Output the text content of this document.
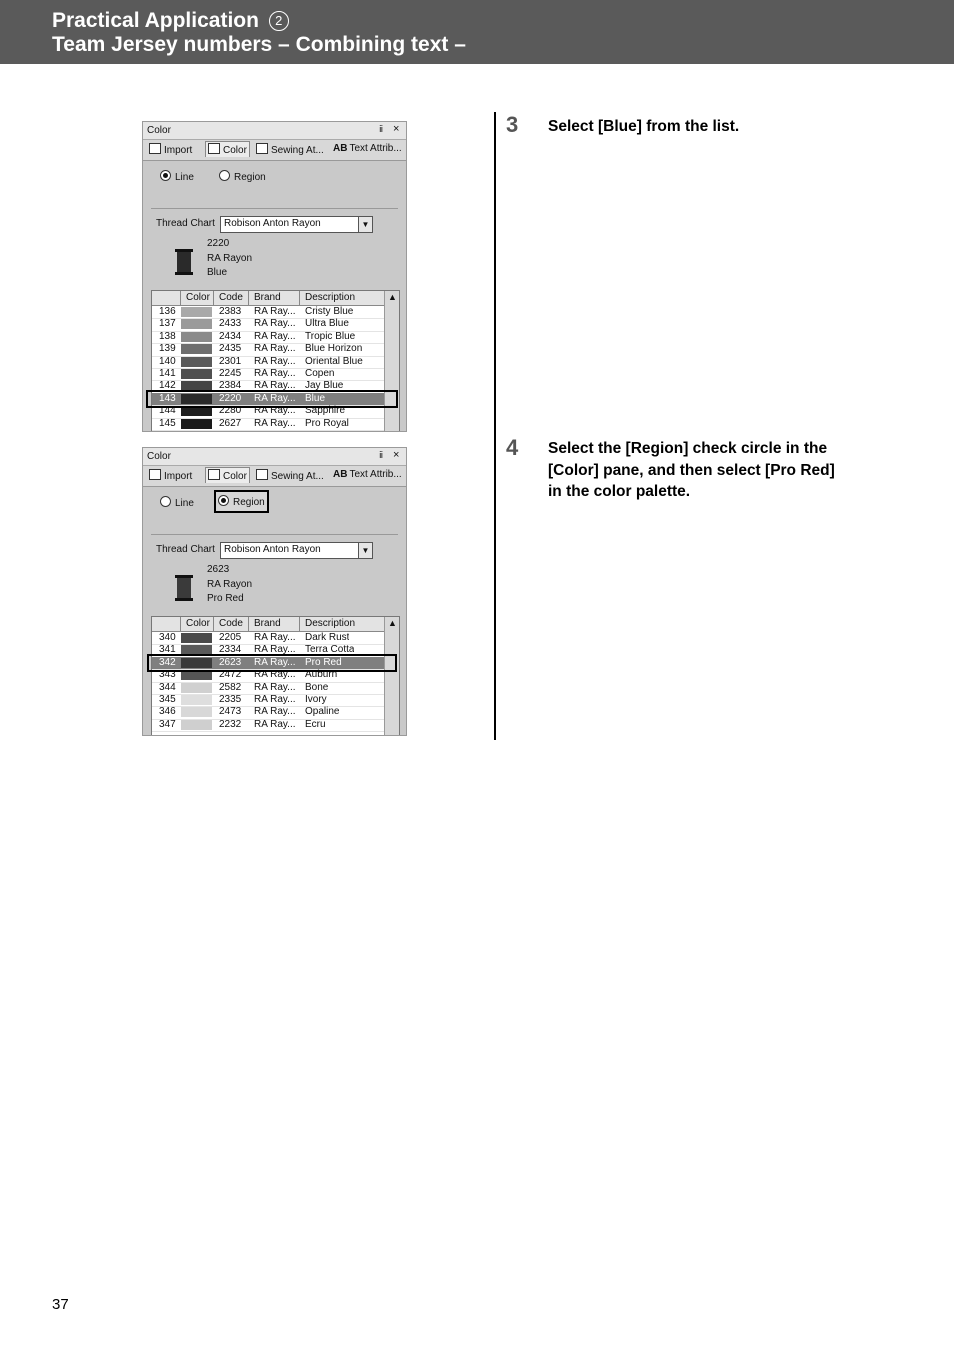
Practical Application 2
Team Jersey numbers – Combining text –
3 Select [Blue] from the list.
4 Select the [Region] check circle in the [Color] pane, and then select [Pro Red] in the color palette.
Color	ⅱ ×
Import	Color	Sewing At... AB Text Attrib...
Line	Region
Thread Chart Robison Anton Rayon	▼
2220
RA Rayon
Blue
Color Code Brand Description
136	2383 RA Ray... Cristy Blue
137	2433 RA Ray... Ultra Blue
138	2434 RA Ray... Tropic Blue
139	2435 RA Ray... Blue Horizon
140	2301 RA Ray... Oriental Blue
141	2245 RA Ray... Copen
142	2384 RA Ray... Jay Blue
143	2220 RA Ray... Blue
144	2280 RA Ray... Sapphire
145	2627 RA Ray... Pro Royal
▲
Color	ⅱ ×
Import	Color	Sewing At... AB Text Attrib...
Line	Region
Thread Chart Robison Anton Rayon	▼
2623
RA Rayon
Pro Red
Color Code Brand Description
340	2205 RA Ray... Dark Rust
341	2334 RA Ray... Terra Cotta
342	2623 RA Ray... Pro Red
343	2472 RA Ray... Auburn
344	2582 RA Ray... Bone
345	2335 RA Ray... Ivory
346	2473 RA Ray... Opaline
347	2232 RA Ray... Ecru
▲
37
